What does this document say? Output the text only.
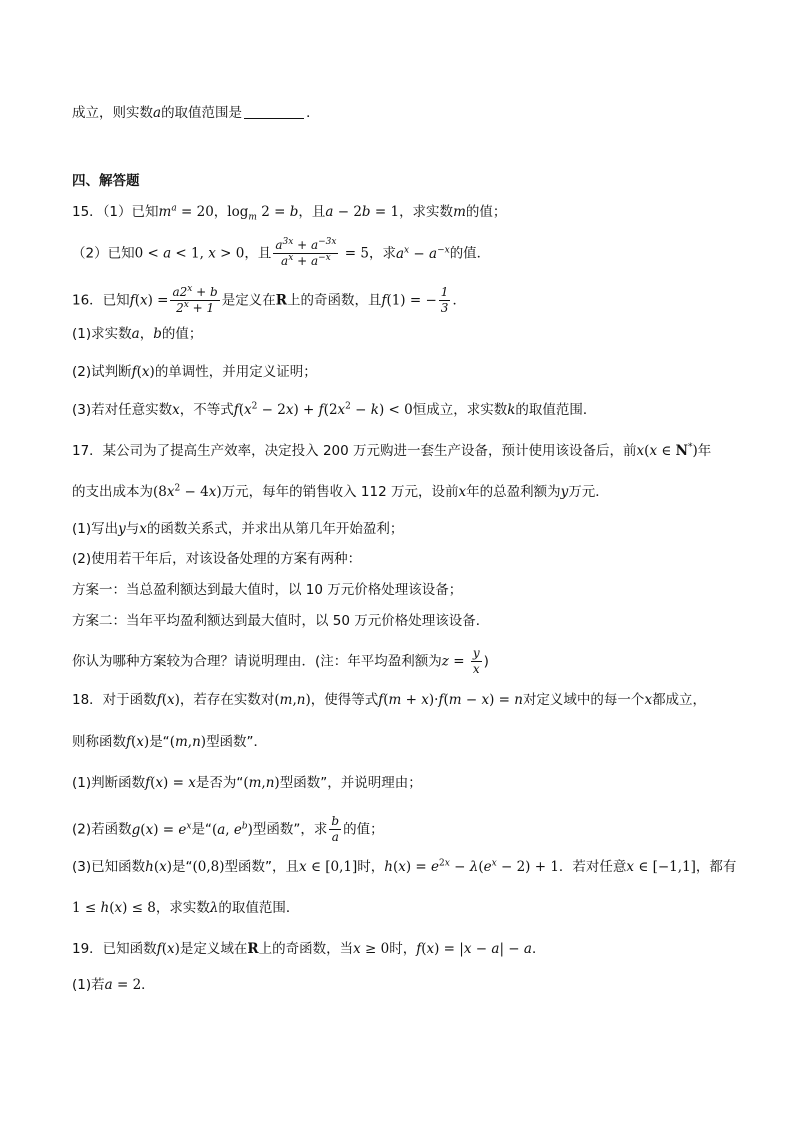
成立，则实数a的取值范围是	．
四、解答题
15．（1）已知$m^a = 20$，$\log_m 2 = b$，且a − 2b = 1，求实数m的值；
（2）已知0 < a < 1, x > 0，且 $\frac{a^{3x} + a^{-3x}}{a^x + a^{-x}} = 5$，求$a^x - a^{-x}$的值．
16．已知$f(x) = \frac{a2^x + b}{2^x + 1}$ 是定义在R上的奇函数，且f(1) = − $\frac{1}{3}$ ．
(1)求实数a，b的值；
(2)试判断f(x)的单调性，并用定义证明；
(3)若对任意实数x，不等式$f(x^2 - 2x) + f(2x^2 - k) < 0$恒成立，求实数k的取值范围．
17．某公司为了提高生产效率，决定投入 200 万元购进一套生产设备，预计使用该设备后，前x(x ∈ N*)年
的支出成本为$(8x^2 - 4x)$万元，每年的销售收入 112 万元，设前x年的总盈利额为y万元．
(1)写出y与x的函数关系式，并求出从第几年开始盈利；
(2)使用若干年后，对该设备处理的方案有两种：
方案一：当总盈利额达到最大值时，以 10 万元价格处理该设备；
方案二：当年平均盈利额达到最大值时，以 50 万元价格处理该设备．
你认为哪种方案较为合理？请说明理由．(注：年平均盈利额为$z = \frac{y}{x}$ )
18．对于函数f(x)，若存在实数对(m,n)，使得等式f(m + x)·f(m − x) = n对定义域中的每一个x都成立，
则称函数f(x)是“(m,n)型函数”．
(1)判断函数f(x) = x是否为“(m,n)型函数”，并说明理由；
(2)若函数$g(x) = e^x$是“(a, $e^b$)型函数”，求 $\frac{b}{a}$ 的值；
(3)已知函数h(x)是“(0,8)型函数”，且x ∈ [0,1]时，$h(x) = e^{2x} - \lambda(e^x - 2) + 1$．若对任意x ∈ [−1,1]，都有
1 ≤ h(x) ≤ 8，求实数λ的取值范围．
19．已知函数f(x)是定义域在R上的奇函数，当x ≥ 0时，f(x) = |x − a| − a．
(1)若a = 2．
